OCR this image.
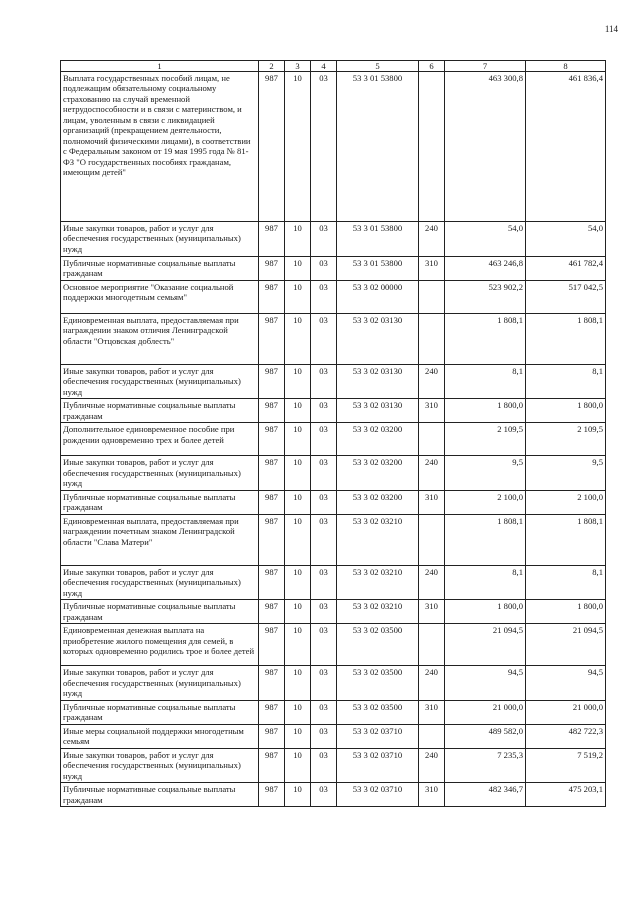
114
1	2	3	4	5	6	7	8
Выплата государственных пособий лицам, не подлежащим обязательному социальному страхованию на случай временной нетрудоспособности и в связи с материнством, и лицам, уволенным в связи с ликвидацией организаций (прекращением деятельности, полномочий физическими лицами), в соответствии с Федеральным законом от 19 мая 1995 года № 81-ФЗ "О государственных пособиях гражданам, имеющим детей"	987	10	03	53 3 01 53800		463 300,8	461 836,4
Иные закупки товаров, работ и услуг для обеспечения государственных (муниципальных) нужд	987	10	03	53 3 01 53800	240	54,0	54,0
Публичные нормативные социальные выплаты гражданам	987	10	03	53 3 01 53800	310	463 246,8	461 782,4
Основное мероприятие "Оказание социальной поддержки многодетным семьям"	987	10	03	53 3 02 00000		523 902,2	517 042,5
Единовременная выплата, предоставляемая при награждении знаком отличия Ленинградской области "Отцовская доблесть"	987	10	03	53 3 02 03130		1 808,1	1 808,1
Иные закупки товаров, работ и услуг для обеспечения государственных (муниципальных) нужд	987	10	03	53 3 02 03130	240	8,1	8,1
Публичные нормативные социальные выплаты гражданам	987	10	03	53 3 02 03130	310	1 800,0	1 800,0
Дополнительное единовременное пособие при рождении одновременно трех и более детей	987	10	03	53 3 02 03200		2 109,5	2 109,5
Иные закупки товаров, работ и услуг для обеспечения государственных (муниципальных) нужд	987	10	03	53 3 02 03200	240	9,5	9,5
Публичные нормативные социальные выплаты гражданам	987	10	03	53 3 02 03200	310	2 100,0	2 100,0
Единовременная выплата, предоставляемая при награждении почетным знаком Ленинградской области "Слава Матери"	987	10	03	53 3 02 03210		1 808,1	1 808,1
Иные закупки товаров, работ и услуг для обеспечения государственных (муниципальных) нужд	987	10	03	53 3 02 03210	240	8,1	8,1
Публичные нормативные социальные выплаты гражданам	987	10	03	53 3 02 03210	310	1 800,0	1 800,0
Единовременная денежная выплата на приобретение жилого помещения для семей, в которых одновременно родились трое и более детей	987	10	03	53 3 02 03500		21 094,5	21 094,5
Иные закупки товаров, работ и услуг для обеспечения государственных (муниципальных) нужд	987	10	03	53 3 02 03500	240	94,5	94,5
Публичные нормативные социальные выплаты гражданам	987	10	03	53 3 02 03500	310	21 000,0	21 000,0
Иные меры социальной поддержки многодетным семьям	987	10	03	53 3 02 03710		489 582,0	482 722,3
Иные закупки товаров, работ и услуг для обеспечения государственных (муниципальных) нужд	987	10	03	53 3 02 03710	240	7 235,3	7 519,2
Публичные нормативные социальные выплаты гражданам	987	10	03	53 3 02 03710	310	482 346,7	475 203,1
